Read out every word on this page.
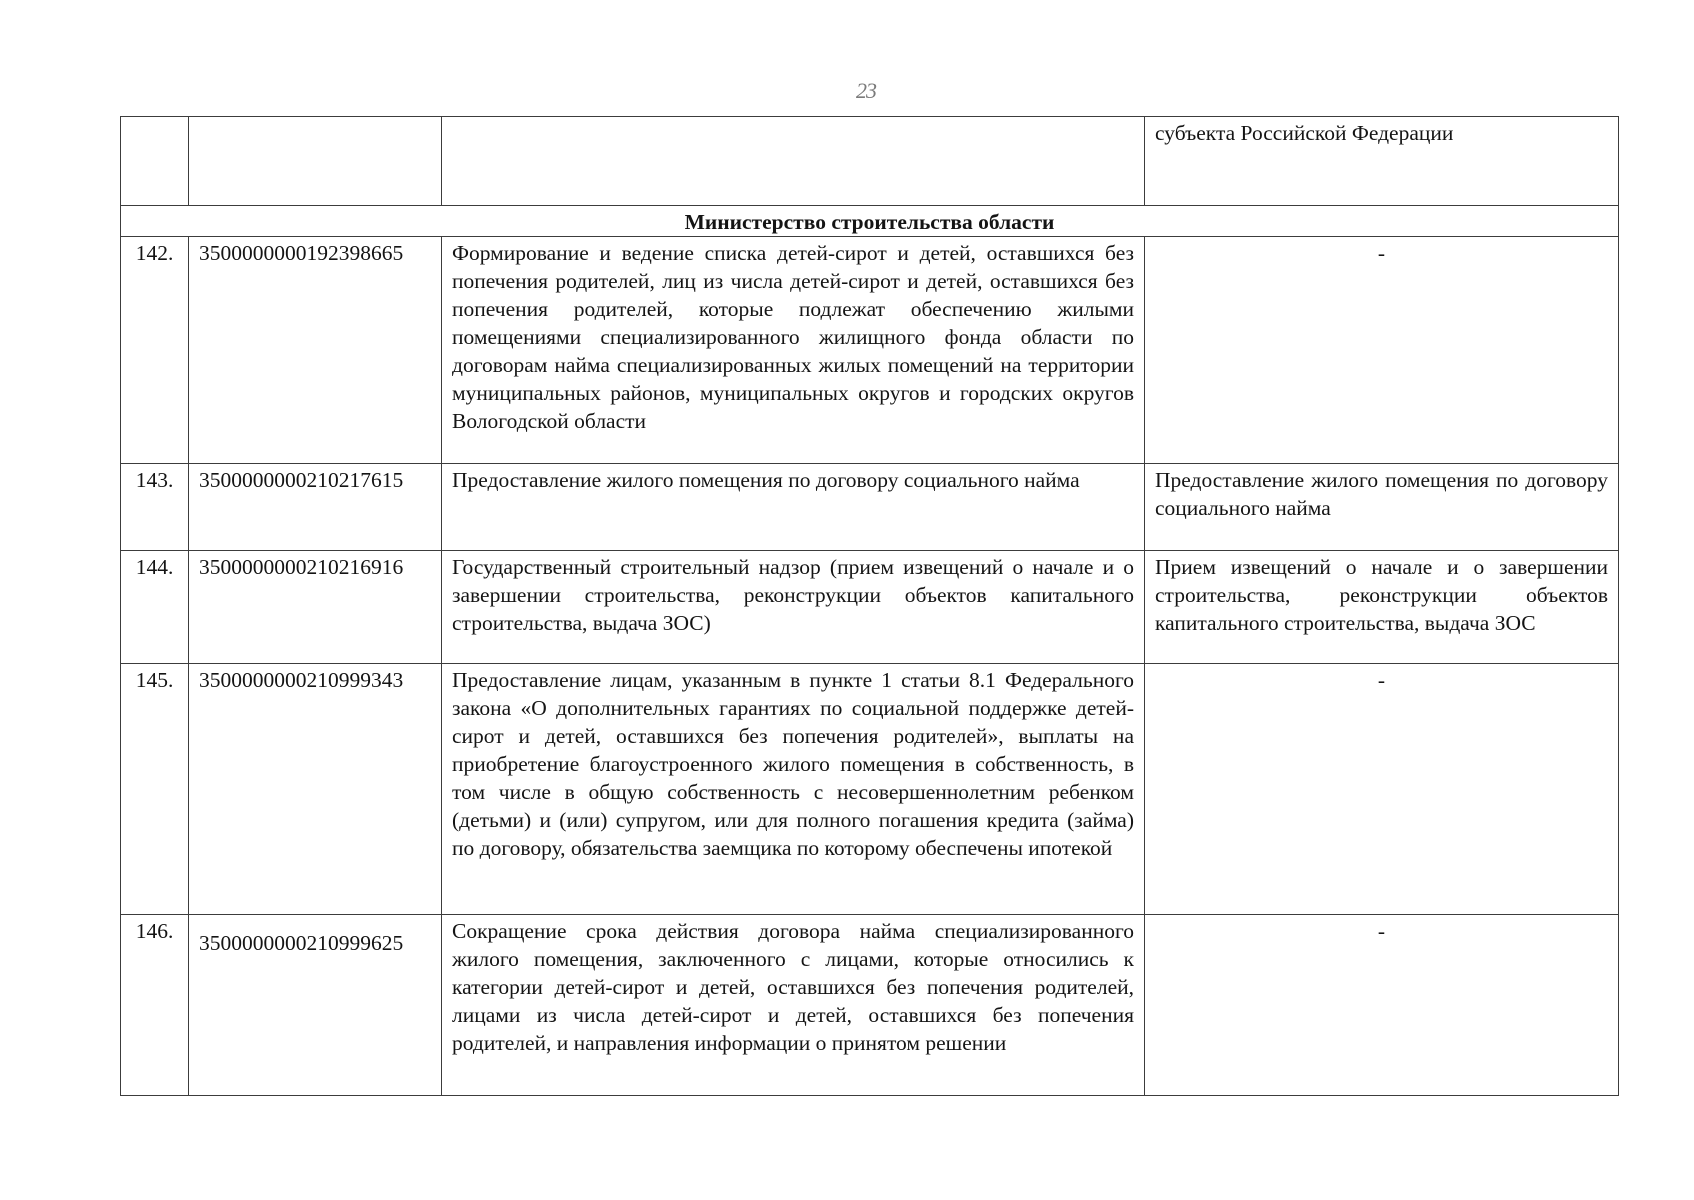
23
			субъекта Российской Федерации
Министерство строительства области			
142.	3500000000192398665	Формирование и ведение списка детей-сирот и детей, оставшихся без попечения родителей, лиц из числа детей-сирот и детей, оставшихся без попечения родителей, которые подлежат обеспечению жилыми помещениями специализированного жилищного фонда области по договорам найма специализированных жилых помещений на территории муниципальных районов, муниципальных округов и городских округов Вологодской области	-
143.	3500000000210217615	Предоставление жилого помещения по договору социального найма	Предоставление жилого помещения по договору социального найма
144.	3500000000210216916	Государственный строительный надзор (прием извещений о начале и о завершении строительства, реконструкции объектов капитального строительства, выдача ЗОС)	Прием извещений о начале и о завершении строительства, реконструкции объектов капитального строительства, выдача ЗОС
145.	3500000000210999343	Предоставление лицам, указанным в пункте 1 статьи 8.1 Федерального закона «О дополнительных гарантиях по социальной поддержке детей-сирот и детей, оставшихся без попечения родителей», выплаты на приобретение благоустроенного жилого помещения в собственность, в том числе в общую собственность с несовершеннолетним ребенком (детьми) и (или) супругом, или для полного погашения кредита (займа) по договору, обязательства заемщика по которому обеспечены ипотекой	-
146.	3500000000210999625	Сокращение срока действия договора найма специализированного жилого помещения, заключенного с лицами, которые относились к категории детей-сирот и детей, оставшихся без попечения родителей, лицами из числа детей-сирот и детей, оставшихся без попечения родителей, и направления информации о принятом решении	-
